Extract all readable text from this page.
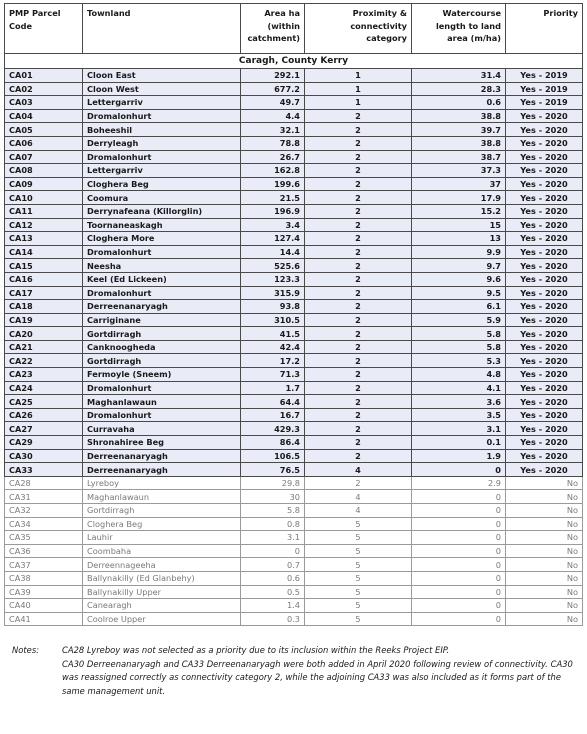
PMP Parcel Code	Townland	Area ha (within catchment)	Proximity & connectivity category	Watercourse length to land area (m/ha)	Priority
Caragh, County Kerry					
CA01	Cloon East	292.1	1	31.4	Yes - 2019
CA02	Cloon West	677.2	1	28.3	Yes - 2019
CA03	Lettergarriv	49.7	1	0.6	Yes - 2019
CA04	Dromalonhurt	4.4	2	38.8	Yes - 2020
CA05	Boheeshil	32.1	2	39.7	Yes - 2020
CA06	Derryleagh	78.8	2	38.8	Yes - 2020
CA07	Dromalonhurt	26.7	2	38.7	Yes - 2020
CA08	Lettergarriv	162.8	2	37.3	Yes - 2020
CA09	Cloghera Beg	199.6	2	37	Yes - 2020
CA10	Coomura	21.5	2	17.9	Yes - 2020
CA11	Derrynafeana (Killorglin)	196.9	2	15.2	Yes - 2020
CA12	Toornaneaskagh	3.4	2	15	Yes - 2020
CA13	Cloghera More	127.4	2	13	Yes - 2020
CA14	Dromalonhurt	14.4	2	9.9	Yes - 2020
CA15	Neesha	525.6	2	9.7	Yes - 2020
CA16	Keel (Ed Lickeen)	123.3	2	9.6	Yes - 2020
CA17	Dromalonhurt	315.9	2	9.5	Yes - 2020
CA18	Derreenanaryagh	93.8	2	6.1	Yes - 2020
CA19	Carriginane	310.5	2	5.9	Yes - 2020
CA20	Gortdirragh	41.5	2	5.8	Yes - 2020
CA21	Canknoogheda	42.4	2	5.8	Yes - 2020
CA22	Gortdirragh	17.2	2	5.3	Yes - 2020
CA23	Fermoyle (Sneem)	71.3	2	4.8	Yes - 2020
CA24	Dromalonhurt	1.7	2	4.1	Yes - 2020
CA25	Maghanlawaun	64.4	2	3.6	Yes - 2020
CA26	Dromalonhurt	16.7	2	3.5	Yes - 2020
CA27	Curravaha	429.3	2	3.1	Yes - 2020
CA29	Shronahiree Beg	86.4	2	0.1	Yes - 2020
CA30	Derreenanaryagh	106.5	2	1.9	Yes - 2020
CA33	Derreenanaryagh	76.5	4	0	Yes - 2020
CA28	Lyreboy	29.8	2	2.9	No
CA31	Maghanlawaun	30	4	0	No
CA32	Gortdirragh	5.8	4	0	No
CA34	Cloghera Beg	0.8	5	0	No
CA35	Lauhir	3.1	5	0	No
CA36	Coombaha	0	5	0	No
CA37	Derreennageeha	0.7	5	0	No
CA38	Ballynakilly (Ed Glanbehy)	0.6	5	0	No
CA39	Ballynakilly Upper	0.5	5	0	No
CA40	Canearagh	1.4	5	0	No
CA41	Coolroe Upper	0.3	5	0	No
Notes:	CA28 Lyreboy was not selected as a priority due to its inclusion within the Reeks Project EIP.

CA30 Derreenanaryagh and CA33 Derreenanaryagh were both added in April 2020 following review of connectivity. CA30 was reassigned correctly as connectivity category 2, while the adjoining CA33 was also included as it forms part of the same management unit.
